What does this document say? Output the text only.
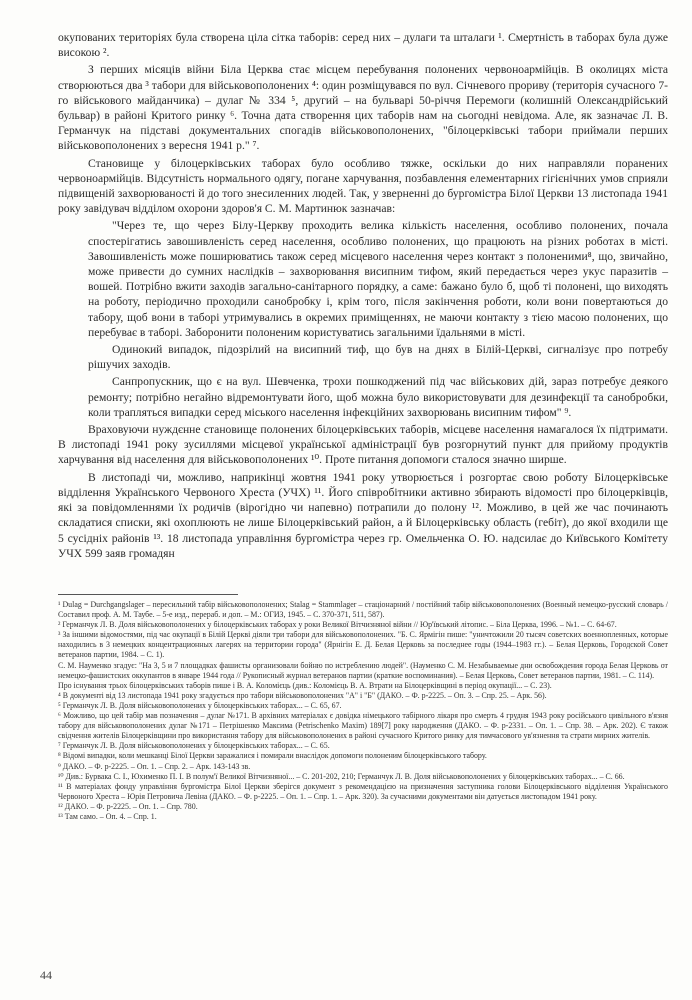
окупованих територіях була створена ціла сітка таборів: серед них – дулаги та шталаги ¹. Смертність в таборах була дуже високою ².

З перших місяців війни Біла Церква стає місцем перебування полонених червоноармійців. В околицях міста створюються два ³ табори для військовополонених ⁴: один розміщувався по вул. Січневого прориву (територія сучасного 7-го військового майданчика) – дулаг № 334 ⁵, другий – на бульварі 50-річчя Перемоги (колишній Олександрійський бульвар) в районі Критого ринку ⁶. Точна дата створення цих таборів нам на сьогодні невідома. Але, як зазначає Л. В. Германчук на підставі документальних спогадів військовополонених, "білоцерківські табори приймали перших військовополонених з вересня 1941 р." ⁷.

Становище у білоцерківських таборах було особливо тяжке, оскільки до них направляли поранених червоноармійців. Відсутність нормального одягу, погане харчування, позбавлення елементарних гігієнічних умов сприяли підвищеній захворюваності й до того знесиленних людей. Так, у зверненні до бургомістра Білої Церкви 13 листопада 1941 року завідувач відділом охорони здоров'я С. М. Мартинюк зазначав:

"Через те, що через Білу-Церкву проходить велика кількість населення, особливо полонених, почала спостерігатись завошивленість серед населення, особливо полонених, що працюють на різних роботах в місті. Завошивленість може поширюватись також серед місцевого населення через контакт з полоненими⁸, що, звичайно, може привести до сумних наслідків – захворювання висипним тифом, який передається через укус паразитів – вошей. Потрібно вжити заходів загально-санітарного порядку, а саме: бажано було б, щоб ті полонені, що виходять на роботу, періодично проходили санобробку і, крім того, після закінчення роботи, коли вони повертаються до табору, щоб вони в таборі утримувались в окремих приміщеннях, не маючи контакту з тією масою полонених, що перебуває в таборі. Заборонити полоненим користуватись загальними їдальнями в місті.

Одинокий випадок, підозрілий на висипний тиф, що був на днях в Білій-Церкві, сигналізує про потребу рішучих заходів.

Санпропускник, що є на вул. Шевченка, трохи пошкоджений під час військових дій, зараз потребує деякого ремонту; потрібно негайно відремонтувати його, щоб можна було використовувати для дезинфекції та санобробки, коли трапляться випадки серед міського населення інфекційних захворювань висипним тифом" ⁹.

Враховуючи нуждєнне становище полонених білоцерківських таборів, місцеве населення намагалося їх підтримати. В листопаді 1941 року зусиллями місцевої української адміністрації був розгорнутий пункт для прийому продуктів харчування від населення для військовополонених ¹⁰. Проте питання допомоги сталося значно ширше.

В листопаді чи, можливо, наприкінці жовтня 1941 року утворюється і розгортає свою роботу Білоцерківське відділення Українського Червоного Хреста (УЧХ) ¹¹. Його співробітники активно збирають відомості про білоцерківців, які за повідомленнями їх родичів (вірогідно чи напевно) потрапили до полону ¹². Можливо, в цей же час починають складатися списки, які охоплюють не лише Білоцерківський район, а й Білоцерківську область (гебіт), до якої входили ще 5 сусідніх районів ¹³. 18 листопада управління бургомістра через гр. Омельченка О. Ю. надсилає до Київського Комітету УЧХ 599 заяв громадян

¹ Dulag = Durchgangslager – пересильний табір військовополонених; Stalag = Stammlager – стаціонарний / постійний табір військовополонених (Военный немецко-русский словарь / Составил проф. А. М. Таубе. – 5-е изд., перераб. и доп. – М.: ОГИЗ, 1945. – С. 370-371, 511, 587).

² Германчук Л. В. Доля військовополонених у білоцерківських таборах у роки Великої Вітчизняної війни // Юр'ївський літопис. – Біла Церква, 1996. – №1. – С. 64-67.

³ За іншими відомостями, під час окупації в Білій Церкві діяли три табори для військовополонених. "Б. С. Ярмігін пише: "уничтожили 20 тысяч советских военнопленных, которые находились в 3 немецких концентрационных лагерях на территории города" (Ярнігін Е. Д. Белая Церковь за последнее годы (1944–1983 гг.). – Белая Церковь, Городской Совет ветеранов партии, 1984. – С. 1).

С. М. Науменко згадує: "На 3, 5 и 7 площадках фашисты организовали бойню по истреблению людей". (Науменко С. М. Незабываемые дни освобождения города Белая Церковь от немецко-фашистских оккупантов в январе 1944 года // Рукописный журнал ветеранов партии (краткие воспоминания). – Белая Церковь, Совет ветеранов партии, 1981. – С. 114).

Про існування трьох білоцерківських таборів пише і В. А. Коломієць (див.: Коломієць В. А. Втрати на Білоцерківщині в період окупації... – С. 23).

⁴ В документі від 13 листопада 1941 року згадується про табори військовополонених "А" і "Б" (ДАКО. – Ф. р-2225. – Оп. 3. – Спр. 25. – Арк. 56).

⁵ Германчук Л. В. Доля військовополонених у білоцерківських таборах... – С. 65, 67.

⁶ Можливо, що цей табір мав позначення – дулаг №171. В архівних матеріалах є довідка німецького табірного лікаря про смерть 4 грудня 1943 року російського цивільного в'язня табору для військовополонених дулаг №171 – Петрішенко Максима (Petrischenko Maxim) 189[7] року народження (ДАКО. – Ф. р-2331. – Оп. 1. – Спр. 38. – Арк. 202). Є також свідчення жителів Білоцерківщини про використання табору для військовополонених в районі сучасного Критого ринку для тимчасового ув'язнення та страти мирних жителів.

⁷ Германчук Л. В. Доля військовополонених у білоцерківських таборах... – С. 65.

⁸ Відомі випадки, коли мешканці Білої Церкви заражалися і помирали внаслідок допомоги полоненим білоцерківського табору.

⁹ ДАКО. – Ф. р-2225. – Оп. 1. – Спр. 2. – Арк. 143-143 зв.

¹⁰ Див.: Бурвака С. І., Юхименко П. І. В полум'ї Великої Вітчизняної... – С. 201-202, 210; Германчук Л. В. Доля військовополонених у білоцерківських таборах... – С. 66.

¹¹ В матеріалах фонду управління бургомістра Білої Церкви зберігся документ з рекомендацією на призначення заступника голови Білоцерківського відділення Українського Червоного Хреста – Юрія Петровича Левіна (ДАКО. – Ф. р-2225. – Оп. 1. – Спр. 1. – Арк. 320). За сучасними документами він датується листопадом 1941 року.

¹² ДАКО. – Ф. р-2225. – Оп. 1. – Спр. 780.

¹³ Там само. – Оп. 4. – Спр. 1.

44
